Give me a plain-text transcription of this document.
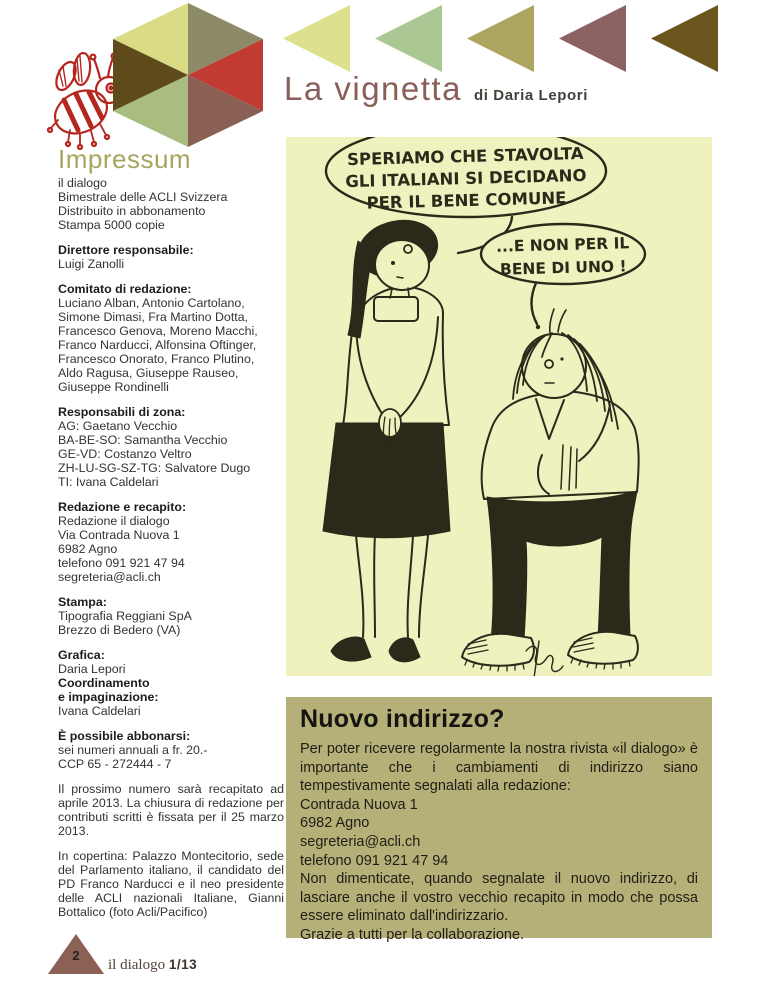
La vignetta di Daria Lepori
Impressum
il dialogo
Bimestrale delle ACLI Svizzera
Distribuito in abbonamento
Stampa 5000 copie
Direttore responsabile:
Luigi Zanolli
Comitato di redazione:
Luciano Alban, Antonio Cartolano,
Simone Dimasi, Fra Martino Dotta,
Francesco Genova, Moreno Macchi,
Franco Narducci, Alfonsina Oftinger,
Francesco Onorato, Franco Plutino,
Aldo Ragusa, Giuseppe Rauseo,
Giuseppe Rondinelli
Responsabili di zona:
AG: Gaetano Vecchio
BA-BE-SO: Samantha Vecchio
GE-VD: Costanzo Veltro
ZH-LU-SG-SZ-TG: Salvatore Dugo
TI: Ivana Caldelari
Redazione e recapito:
Redazione il dialogo
Via Contrada Nuova 1
6982 Agno
telefono 091 921 47 94
segreteria@acli.ch
Stampa:
Tipografia Reggiani SpA
Brezzo di Bedero (VA)
Grafica:
Daria Lepori
Coordinamento
e impaginazione:
Ivana Caldelari
È possibile abbonarsi:
sei numeri annuali a fr. 20.-
CCP 65 - 272444 - 7
Il prossimo numero sarà recapitato ad aprile 2013. La chiusura di redazione per contributi scritti è fissata per il 25 marzo 2013.
In copertina: Palazzo Montecitorio, sede del Parlamento italiano, il candidato del PD Franco Narducci e il neo presidente delle ACLI nazionali Italiane, Gianni Bottalico (foto Acli/Pacifico)
SPERIAMO CHE STAVOLTA
GLI ITALIANI SI DECIDANO
PER IL BENE COMUNE
...E NON PER IL
BENE DI UNO !
Nuovo indirizzo?
Per poter ricevere regolarmente la nostra rivista «il dialogo» è importante che i cambiamenti di indirizzo siano tempestivamente segnalati alla redazione:
Contrada Nuova 1
6982 Agno
segreteria@acli.ch
telefono 091 921 47 94
Non dimenticate, quando segnalate il nuovo indirizzo, di lasciare anche il vostro vecchio recapito in modo che possa essere eliminato dall'indirizzario.
Grazie a tutti per la collaborazione.
2
il dialogo 1/13
